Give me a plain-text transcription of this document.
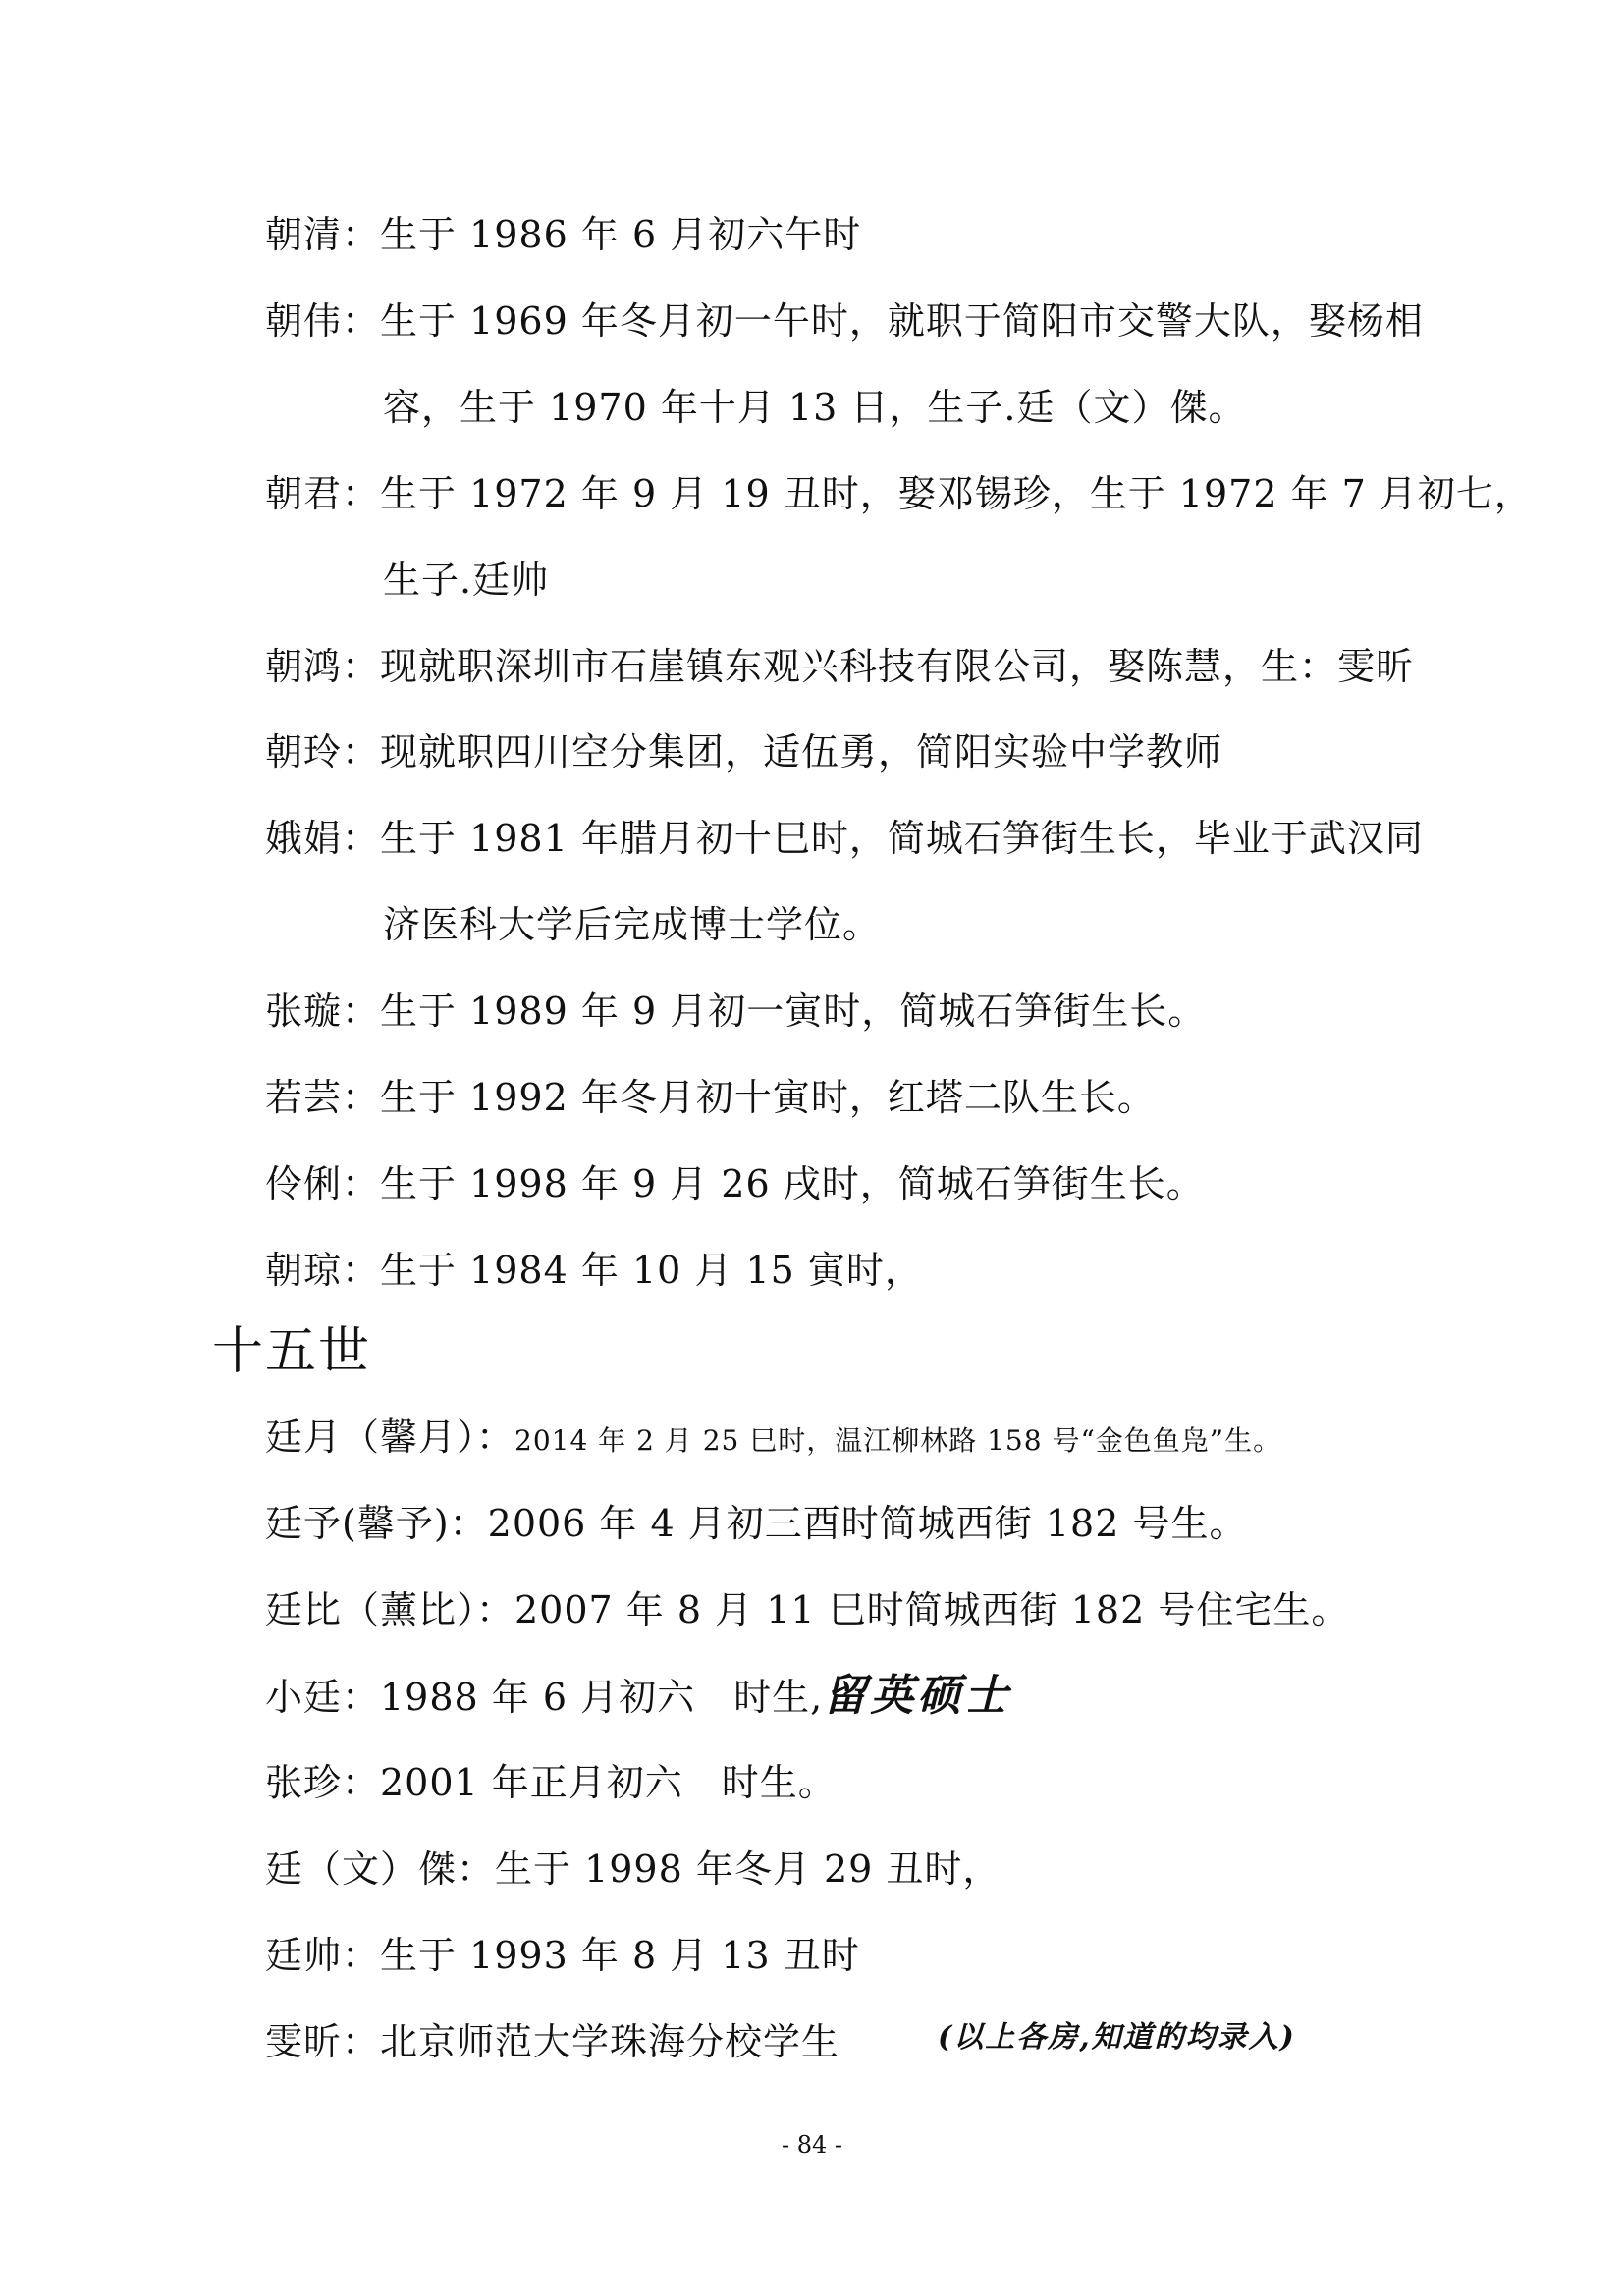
朝清：生于 1986 年 6 月初六午时
朝伟：生于 1969 年冬月初一午时，就职于简阳市交警大队，娶杨相
容，生于 1970 年十月 13 日，生子.廷（文）傑。
朝君：生于 1972 年 9 月 19 丑时，娶邓锡珍，生于 1972 年 7 月初七，
生子.廷帅
朝鸿：现就职深圳市石崖镇东观兴科技有限公司，娶陈慧，生：雯昕
朝玲：现就职四川空分集团，适伍勇，简阳实验中学教师
娥娟：生于 1981 年腊月初十巳时，简城石笋街生长，毕业于武汉同
济医科大学后完成博士学位。
张璇：生于 1989 年 9 月初一寅时，简城石笋街生长。
若芸：生于 1992 年冬月初十寅时，红塔二队生长。
伶俐：生于 1998 年 9 月 26 戌时，简城石笋街生长。
朝琼：生于 1984 年 10 月 15 寅时，
十五世
廷月（馨月）：2014 年 2 月 25 巳时，温江柳林路 158 号“金色鱼凫”生。
廷予(馨予)：2006 年 4 月初三酉时简城西街 182 号生。
廷比（薰比）：2007 年 8 月 11 巳时简城西街 182 号住宅生。
小廷：1988 年 6 月初六　时生,留英硕士
张珍：2001 年正月初六　时生。
廷（文）傑：生于 1998 年冬月 29 丑时，
廷帅：生于 1993 年 8 月 13 丑时
雯昕：北京师范大学珠海分校学生	(以上各房,知道的均录入)
- 84 -
